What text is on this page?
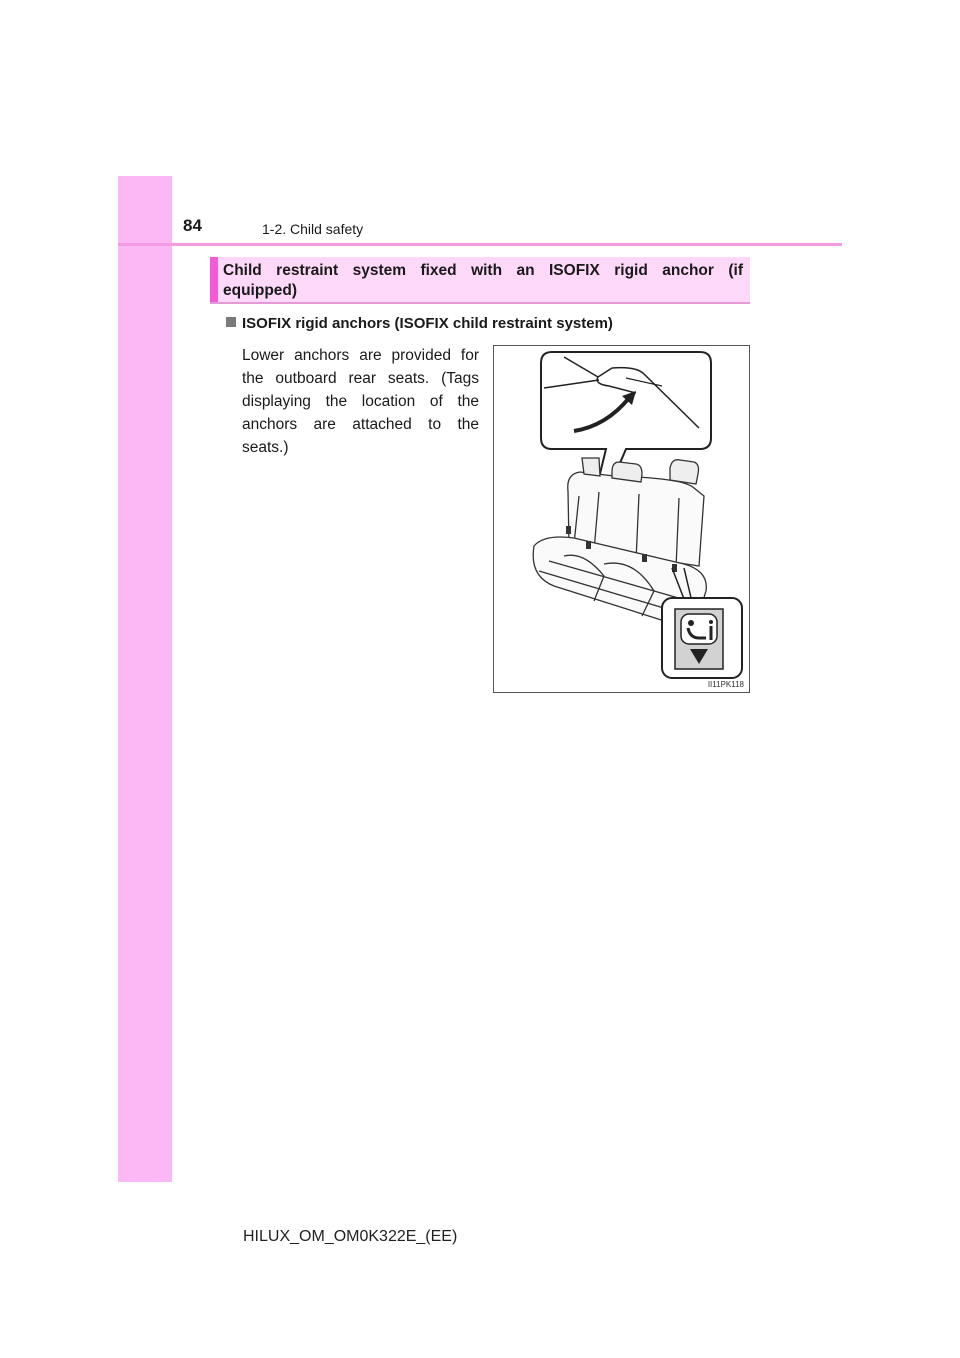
84	1-2. Child safety
Child restraint system fixed with an ISOFIX rigid anchor (if equipped)
ISOFIX rigid anchors (ISOFIX child restraint system)
Lower anchors are provided for the outboard rear seats. (Tags displaying the location of the anchors are attached to the seats.)
II11PK118
HILUX_OM_OM0K322E_(EE)
